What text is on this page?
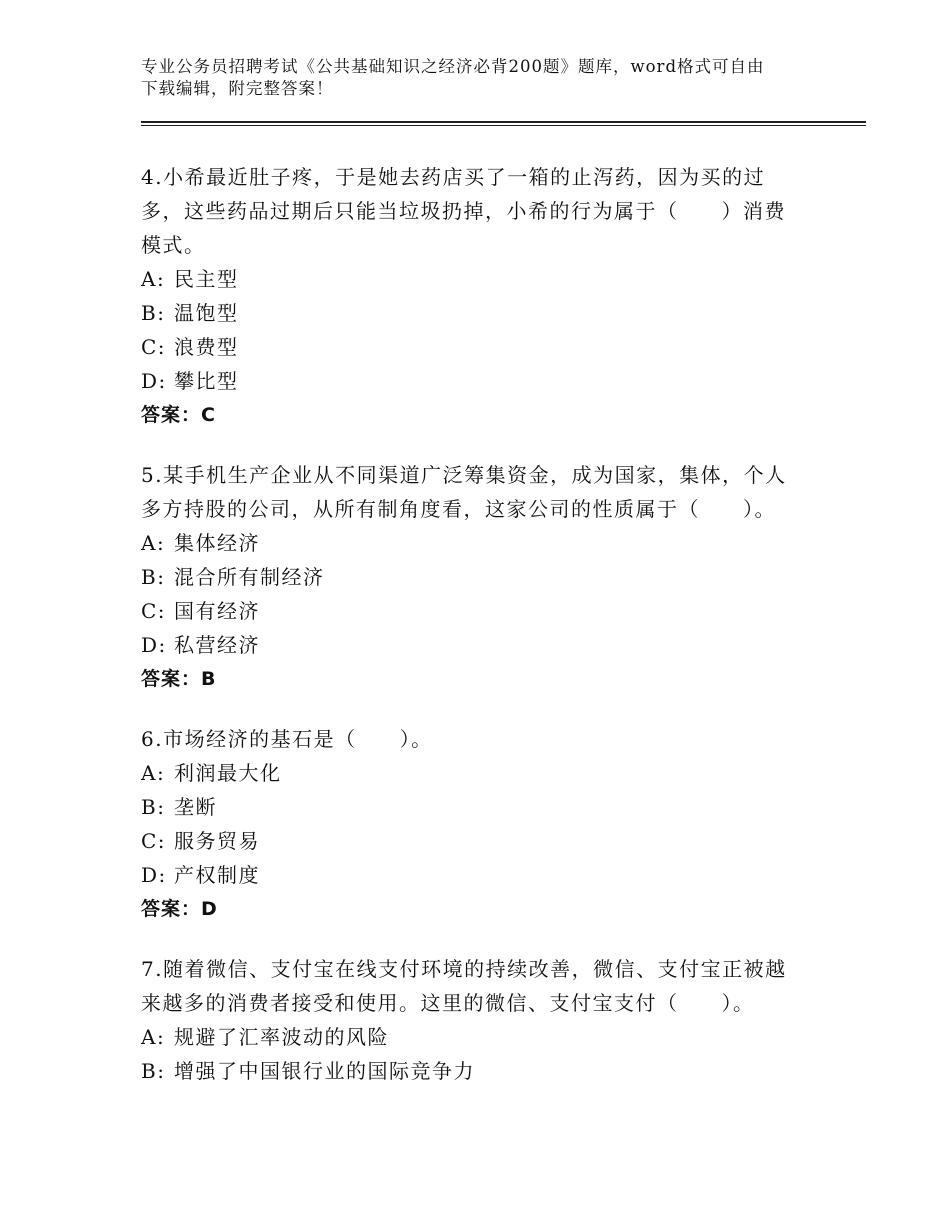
专业公务员招聘考试《公共基础知识之经济必背200题》题库，word格式可自由
下载编辑，附完整答案！

4.小希最近肚子疼，于是她去药店买了一箱的止泻药，因为买的过

多，这些药品过期后只能当垃圾扔掉，小希的行为属于（　　）消费

模式。

A: 民主型

B: 温饱型

C: 浪费型

D: 攀比型

答案：C

5.某手机生产企业从不同渠道广泛筹集资金，成为国家，集体，个人

多方持股的公司，从所有制角度看，这家公司的性质属于（　　）。

A: 集体经济

B: 混合所有制经济

C: 国有经济

D: 私营经济

答案：B

6.市场经济的基石是（　　）。

A: 利润最大化

B: 垄断

C: 服务贸易

D: 产权制度

答案：D

7.随着微信、支付宝在线支付环境的持续改善，微信、支付宝正被越

来越多的消费者接受和使用。这里的微信、支付宝支付（　　）。

A: 规避了汇率波动的风险

B: 增强了中国银行业的国际竞争力
